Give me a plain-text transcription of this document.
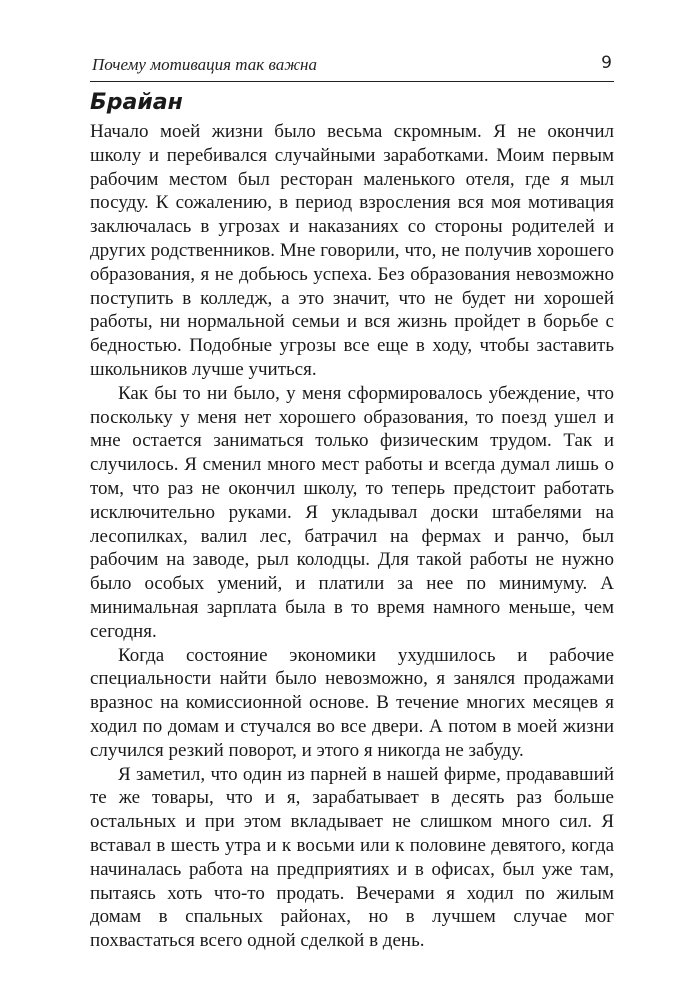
Почему мотивация так важна	9
Брайан

Начало моей жизни было весьма скромным. Я не окончил школу и перебивался случайными заработками. Моим первым рабочим местом был ресторан маленького отеля, где я мыл посуду. К сожалению, в период взросления вся моя мотивация заключалась в угрозах и наказаниях со стороны родителей и других родственников. Мне говорили, что, не получив хорошего образования, я не добьюсь успеха. Без образования невозможно поступить в колледж, а это значит, что не будет ни хорошей работы, ни нормальной семьи и вся жизнь пройдет в борьбе с бедностью. Подобные угрозы все еще в ходу, чтобы заставить школьников лучше учиться.

Как бы то ни было, у меня сформировалось убеждение, что поскольку у меня нет хорошего образования, то поезд ушел и мне остается заниматься только физическим трудом. Так и случилось. Я сменил много мест работы и всегда думал лишь о том, что раз не окончил школу, то теперь предстоит работать исключительно руками. Я укладывал доски штабелями на лесопилках, валил лес, батрачил на фермах и ранчо, был рабочим на заводе, рыл колодцы. Для такой работы не нужно было особых умений, и платили за нее по минимуму. А минимальная зарплата была в то время намного меньше, чем сегодня.

Когда состояние экономики ухудшилось и рабочие специальности найти было невозможно, я занялся продажами вразнос на комиссионной основе. В течение многих месяцев я ходил по домам и стучался во все двери. А потом в моей жизни случился резкий поворот, и этого я никогда не забуду.

Я заметил, что один из парней в нашей фирме, продававший те же товары, что и я, зарабатывает в десять раз больше остальных и при этом вкладывает не слишком много сил. Я вставал в шесть утра и к восьми или к половине девятого, когда начиналась работа на предприятиях и в офисах, был уже там, пытаясь хоть что-то продать. Вечерами я ходил по жилым домам в спальных районах, но в лучшем случае мог похвастаться всего одной сделкой в день.
